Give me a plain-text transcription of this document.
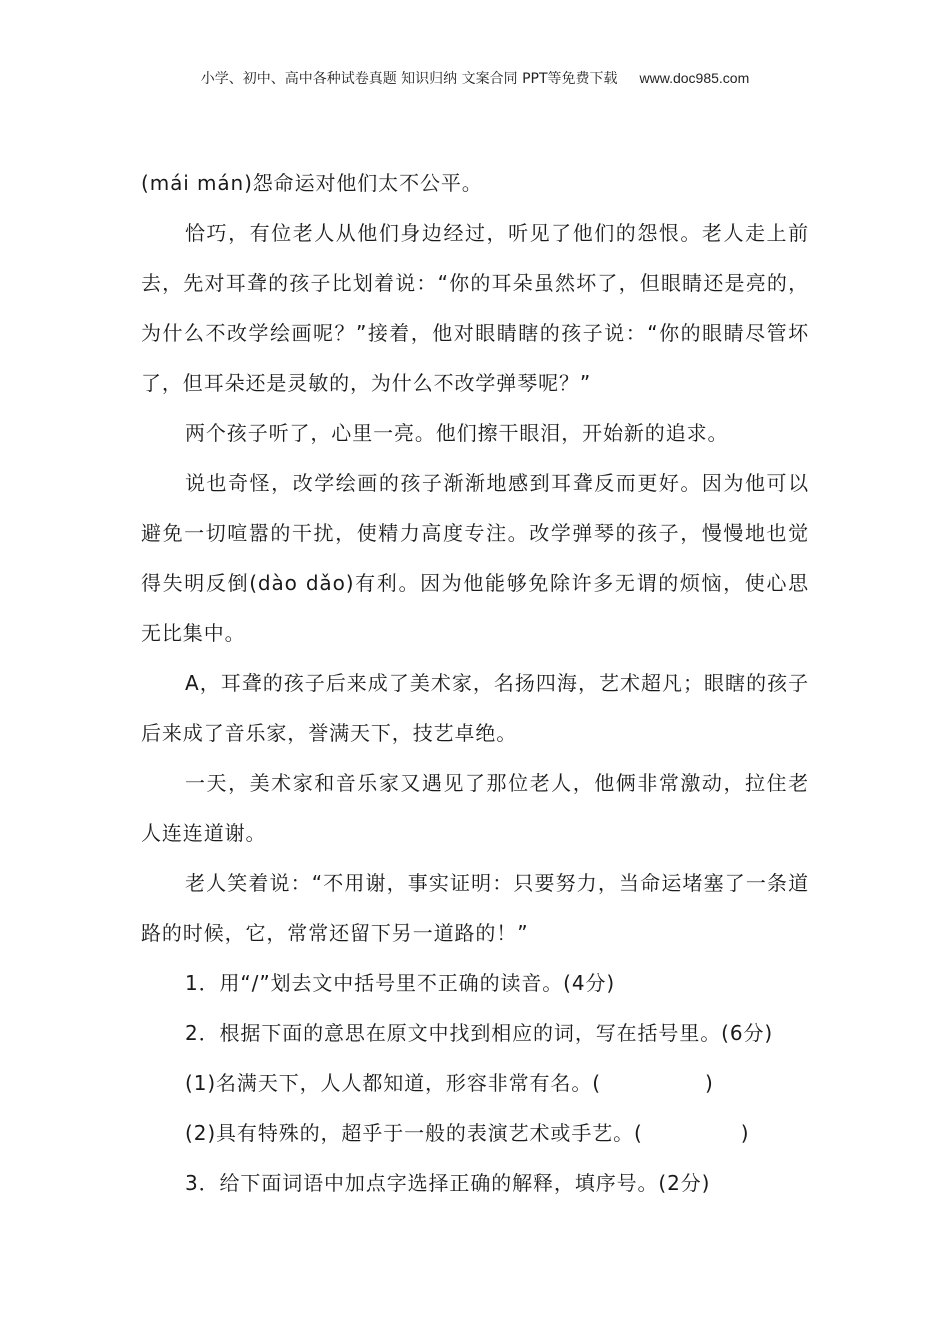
小学、初中、高中各种试卷真题 知识归纳 文案合同 PPT等免费下载 www.doc985.com

(mái mán)怨命运对他们太不公平。

恰巧，有位老人从他们身边经过，听见了他们的怨恨。老人走上前去，先对耳聋的孩子比划着说：“你的耳朵虽然坏了，但眼睛还是亮的，为什么不改学绘画呢？”接着，他对眼睛瞎的孩子说：“你的眼睛尽管坏了，但耳朵还是灵敏的，为什么不改学弹琴呢？”

两个孩子听了，心里一亮。他们擦干眼泪，开始新的追求。

说也奇怪，改学绘画的孩子渐渐地感到耳聋反而更好。因为他可以避免一切喧嚣的干扰，使精力高度专注。改学弹琴的孩子，慢慢地也觉得失明反倒(dào dǎo)有利。因为他能够免除许多无谓的烦恼，使心思无比集中。

A，耳聋的孩子后来成了美术家，名扬四海，艺术超凡；眼瞎的孩子后来成了音乐家，誉满天下，技艺卓绝。

一天，美术家和音乐家又遇见了那位老人，他俩非常激动，拉住老人连连道谢。

老人笑着说：“不用谢，事实证明：只要努力，当命运堵塞了一条道路的时候，它，常常还留下另一道路的！”

1．用“/”划去文中括号里不正确的读音。(4分)

2．根据下面的意思在原文中找到相应的词，写在括号里。(6分)

(1)名满天下，人人都知道，形容非常有名。(	)

(2)具有特殊的，超乎于一般的表演艺术或手艺。(	)

3．给下面词语中加点字选择正确的解释，填序号。(2分)
